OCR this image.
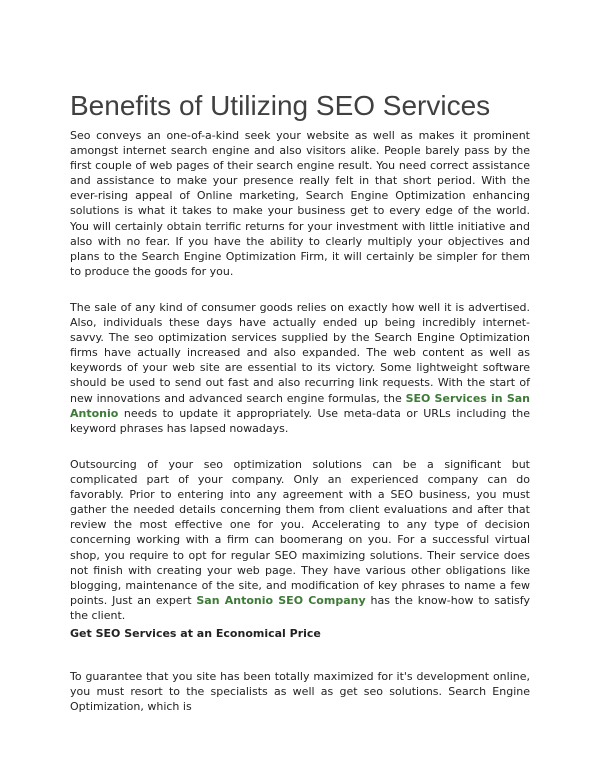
Benefits of Utilizing SEO Services

Seo conveys an one-of-a-kind seek your website as well as makes it prominent amongst internet search engine and also visitors alike. People barely pass by the first couple of web pages of their search engine result. You need correct assistance and assistance to make your presence really felt in that short period. With the ever-rising appeal of Online marketing, Search Engine Optimization enhancing solutions is what it takes to make your business get to every edge of the world. You will certainly obtain terrific returns for your investment with little initiative and also with no fear. If you have the ability to clearly multiply your objectives and plans to the Search Engine Optimization Firm, it will certainly be simpler for them to produce the goods for you.

The sale of any kind of consumer goods relies on exactly how well it is advertised. Also, individuals these days have actually ended up being incredibly internet-savvy. The seo optimization services supplied by the Search Engine Optimization firms have actually increased and also expanded. The web content as well as keywords of your web site are essential to its victory. Some lightweight software should be used to send out fast and also recurring link requests. With the start of new innovations and advanced search engine formulas, the SEO Services in San Antonio needs to update it appropriately. Use meta-data or URLs including the keyword phrases has lapsed nowadays.

Outsourcing of your seo optimization solutions can be a significant but complicated part of your company. Only an experienced company can do favorably. Prior to entering into any agreement with a SEO business, you must gather the needed details concerning them from client evaluations and after that review the most effective one for you. Accelerating to any type of decision concerning working with a firm can boomerang on you. For a successful virtual shop, you require to opt for regular SEO maximizing solutions. Their service does not finish with creating your web page. They have various other obligations like blogging, maintenance of the site, and modification of key phrases to name a few points. Just an expert San Antonio SEO Company has the know-how to satisfy the client.

Get SEO Services at an Economical Price

To guarantee that you site has been totally maximized for it's development online, you must resort to the specialists as well as get seo solutions. Search Engine Optimization, which is
